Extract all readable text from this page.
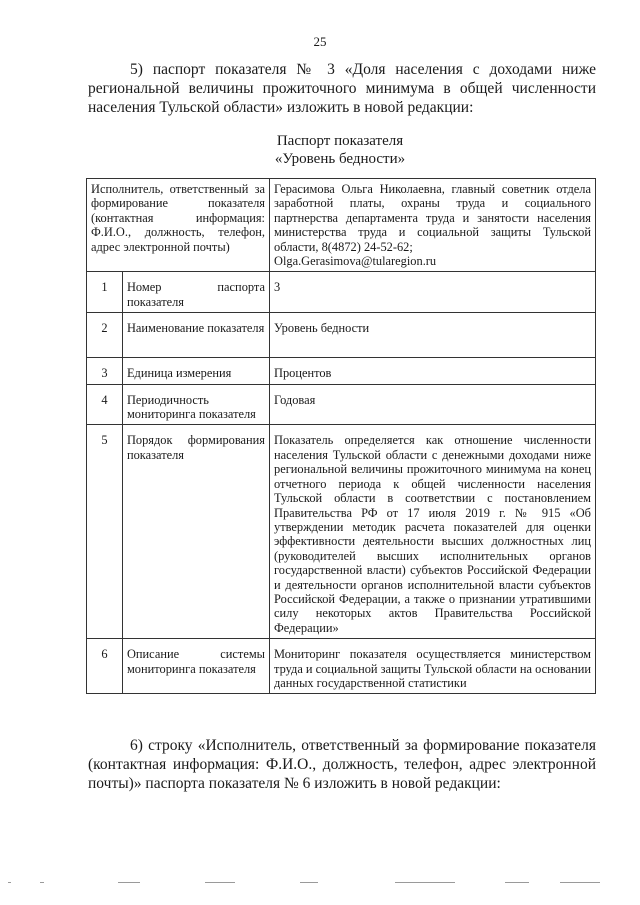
25
5) паспорт показателя № 3 «Доля населения с доходами ниже региональной величины прожиточного минимума в общей численности населения Тульской области» изложить в новой редакции:
Паспорт показателя
«Уровень бедности»
Исполнитель, ответственный за формирование показателя (контактная информация: Ф.И.О., должность, телефон, адрес электронной почты)		Герасимова Ольга Николаевна, главный советник отдела заработной платы, охраны труда и социального партнерства департамента труда и занятости населения министерства труда и социальной защиты Тульской области, 8(4872) 24-52-62;
Olga.Gerasimova@tularegion.ru

1	Номер паспорта показателя	3
2	Наименование показателя	Уровень бедности
3	Единица измерения	Процентов
4	Периодичность мониторинга показателя	Годовая
5	Порядок формирования показателя	Показатель определяется как отношение численности населения Тульской области с денежными доходами ниже региональной величины прожиточного минимума на конец отчетного периода к общей численности населения Тульской области в соответствии с постановлением Правительства РФ от 17 июля 2019 г. № 915 «Об утверждении методик расчета показателей для оценки эффективности деятельности высших должностных лиц (руководителей высших исполнительных органов государственной власти) субъектов Российской Федерации и деятельности органов исполнительной власти субъектов Российской Федерации, а также о признании утратившими силу некоторых актов Правительства Российской Федерации»
6	Описание системы мониторинга показателя	Мониторинг показателя осуществляется министерством труда и социальной защиты Тульской области на основании данных государственной статистики
6) строку «Исполнитель, ответственный за формирование показателя (контактная информация: Ф.И.О., должность, телефон, адрес электронной почты)» паспорта показателя № 6 изложить в новой редакции:
